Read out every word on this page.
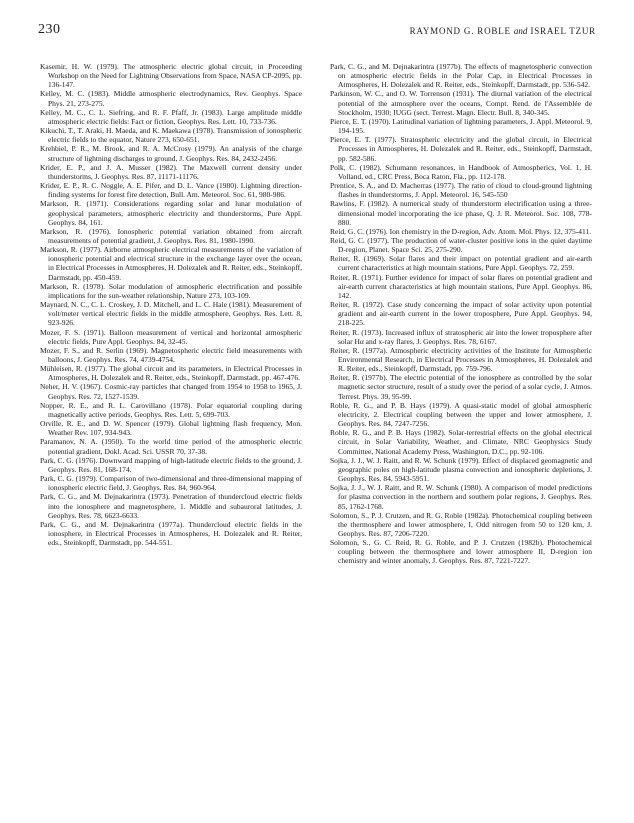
230	RAYMOND G. ROBLE and ISRAEL TZUR

Kasemir, H. W. (1979). The atmospheric electric global circuit, in Proceeding Workshop on the Need for Lightning Observations from Space, NASA CP-2095, pp. 136-147.

Kelley, M. C. (1983). Middle atmospheric electrodynamics, Rev. Geophys. Space Phys. 21, 273-275.

Kelley, M. C., C. L. Siefring, and R. F. Pfaff, Jr. (1983). Large amplitude middle atmospheric electric fields: Fact or fiction, Geophys. Res. Lett. 10, 733-736.

Kikuchi, T., T. Araki, H. Maeda, and K. Maekawa (1978). Transmission of ionospheric electric fields to the equator, Nature 273, 650-651.

Krehbiel, P. R., M. Brook, and R. A. McCrosy (1979). An analysis of the charge structure of lightning discharges to ground, J. Geophys. Res. 84, 2432-2456.

Krider, E. P., and J. A. Musser (1982). The Maxwell current density under thunderstorms, J. Geophys. Res. 87, 11171-11176.

Krider, E. P., R. C. Noggle, A. E. Pifer, and D. L. Vance (1980). Lightning direction-finding systems for forest fire detection, Bull. Am. Meteorol. Soc. 61, 980-986.

Markson, R. (1971). Considerations regarding solar and lunar modulation of geophysical parameters, atmospheric electricity and thunderstorms, Pure Appl. Geophys. 84, 161.

Markson, R. (1976). Ionospheric potential variation obtained from aircraft measurements of potential gradient, J. Geophys. Res. 81, 1980-1990.

Markson, R. (1977). Airborne atmospheric electrical measurements of the variation of ionospheric potential and electrical structure in the exchange layer over the ocean, in Electrical Processes in Atmospheres, H. Dolezalek and R. Reiter, eds., Steinkopff, Darmstadt, pp. 450-459.

Markson, R. (1978). Solar modulation of atmospheric electrification and possible implications for the sun-weather relationship, Nature 273, 103-109.

Maynard, N. C., C. L. Croskey, J. D. Mitchell, and L. C. Hale (1981). Measurement of volt/meter vertical electric fields in the middle atmosphere, Geophys. Res. Lett. 8, 923-926.

Mozer, F. S. (1971). Balloon measurement of vertical and horizontal atmospheric electric fields, Pure Appl. Geophys. 84, 32-45.

Mozer, F. S., and R. Serlin (1969). Magnetospheric electric field measurements with balloons, J. Geophys. Res. 74, 4739-4754.

Mühleisen, R. (1977). The global circuit and its parameters, in Electrical Processes in Atmospheres, H. Dolezalek and R. Reiter, eds., Steinkopff, Darmstadt, pp. 467-476.

Neher, H. V. (1967). Cosmic-ray particles that changed from 1954 to 1958 to 1965, J. Geophys. Res. 72, 1527-1539.

Nopper, R. E., and R. L. Carovillano (1978). Polar equatorial coupling during magnetically active periods, Geophys. Res. Lett. 5, 699-703.

Orville, R. E., and D. W. Spencer (1979). Global lightning flash frequency, Mon. Weather Rev. 107, 934-943.

Paramanov, N. A. (1950). To the world time period of the atmospheric electric potential gradient, Dokl. Acad. Sci. USSR 70, 37-38.

Park, C. G. (1976). Downward mapping of high-latitude electric fields to the ground, J. Geophys. Res. 81, 168-174.

Park, C. G. (1979). Comparison of two-dimensional and three-dimensional mapping of ionospheric electric field, J. Geophys. Res. 84, 960-964.

Park, C. G., and M. Dejnakarintra (1973). Penetration of thundercloud electric fields into the ionosphere and magnetosphere, 1. Middle and subauroral latitudes, J. Geophys. Res. 78, 6623-6633.

Park, C. G., and M. Dejnakarintra (1977a). Thundercloud electric fields in the ionosphere, in Electrical Processes in Atmospheres, H. Dolezalek and R. Reiter, eds., Steinkopff, Darmstadt, pp. 544-551.

Park, C. G., and M. Dejnakarintra (1977b). The effects of magnetospheric convection on atmospheric electric fields in the Polar Cap, in Electrical Processes in Atmospheres, H. Dolezalek and R. Reiter, eds., Steinkopff, Darmstadt, pp. 536-542.

Parkinson, W. C., and O. W. Torrenson (1931). The diurnal variation of the electrical potential of the atmosphere over the oceans, Compt. Rend. de l'Assemblée de Stockholm, 1930; IUGG (sect. Terrest. Magn. Electr. Bull. 8, 340-345.

Pierce, E. T. (1970). Latitudinal variation of lightning parameters, J. Appl. Meteorol. 9, 194-195.

Pierce, E. T. (1977). Stratospheric electricity and the global circuit, in Electrical Processes in Atmospheres, H. Dolezalek and R. Reiter, eds., Steinkopff, Darmstadt, pp. 582-586.

Polk, C. (1982). Schumann resonances, in Handbook of Atmospherics, Vol. 1, H. Volland, ed., CRC Press, Boca Raton, Fla., pp. 112-178.

Prentice, S. A., and D. Macherras (1977). The ratio of cloud to cloud-ground lightning flashes in thunderstorms, J. Appl. Meteorol. 16, 545-550

Rawlins, F. (1982). A numerical study of thunderstorm electrification using a three-dimensional model incorporating the ice phase, Q. J. R. Meteorol. Soc. 108, 778-880.

Reid, G. C. (1976). Ion chemistry in the D-region, Adv. Atom. Mol. Phys. 12, 375-411.

Reid, G. C. (1977). The production of water-cluster positive ions in the quiet daytime D-region, Planet. Space Sci. 25, 275-290.

Reiter, R. (1969). Solar flares and their impact on potential gradient and air-earth current characteristics at high mountain stations, Pure Appl. Geophys. 72, 259.

Reiter, R. (1971). Further evidence for impact of solar flares on potential gradient and air-earth current characteristics at high mountain stations, Pure Appl. Geophys. 86, 142.

Reiter, R. (1972). Case study concerning the impact of solar activity upon potential gradient and air-earth current in the lower troposphere, Pure Appl. Geophys. 94, 218-225.

Reiter, R. (1973). Increased influx of stratospheric air into the lower troposphere after solar Hα and x-ray flares, J. Geophys. Res. 78, 6167.

Reiter, R. (1977a). Atmospheric electricity activities of the Institute for Atmospheric Environmental Research, in Electrical Processes in Atmospheres, H. Dolezalek and R. Reiter, eds., Steinkopff, Darmstadt, pp. 759-796.

Reiter, R. (1977b). The electric potential of the ionosphere as controlled by the solar magnetic sector structure, result of a study over the period of a solar cycle, J. Atmos. Terrest. Phys. 39, 95-99.

Roble, R. G., and P. B. Hays (1979). A quasi-static model of global atmospheric electricity, 2. Electrical coupling between the upper and lower atmosphere, J. Geophys. Res. 84, 7247-7256.

Roble, R. G., and P. B. Hays (1982). Solar-terrestrial effects on the global electrical circuit, in Solar Variability, Weather, and Climate, NRC Geophysics Study Committee, National Academy Press, Washington, D.C., pp. 92-106.

Sojka, J. J., W. J. Raitt, and R. W. Schunk (1979). Effect of displaced geomagnetic and geographic poles on high-latitude plasma convection and ionospheric depletions, J. Geophys. Res. 84, 5943-5951.

Sojka, J. J., W. J. Raitt, and R. W. Schunk (1980). A comparison of model predictions for plasma convection in the northern and southern polar regions, J. Geophys. Res. 85, 1762-1768.

Solomon, S., P. J. Crutzen, and R. G. Roble (1982a). Photochemical coupling between the thermosphere and lower atmosphere, I, Odd nitrogen from 50 to 120 km, J. Geophys. Res. 87, 7206-7220.

Solomon, S., G. C. Reid, R. G. Roble, and P. J. Crutzen (1982b). Photochemical coupling between the thermosphere and lower atmosphere II, D-region ion chemistry and winter anomaly, J. Geophys. Res. 87, 7221-7227.
